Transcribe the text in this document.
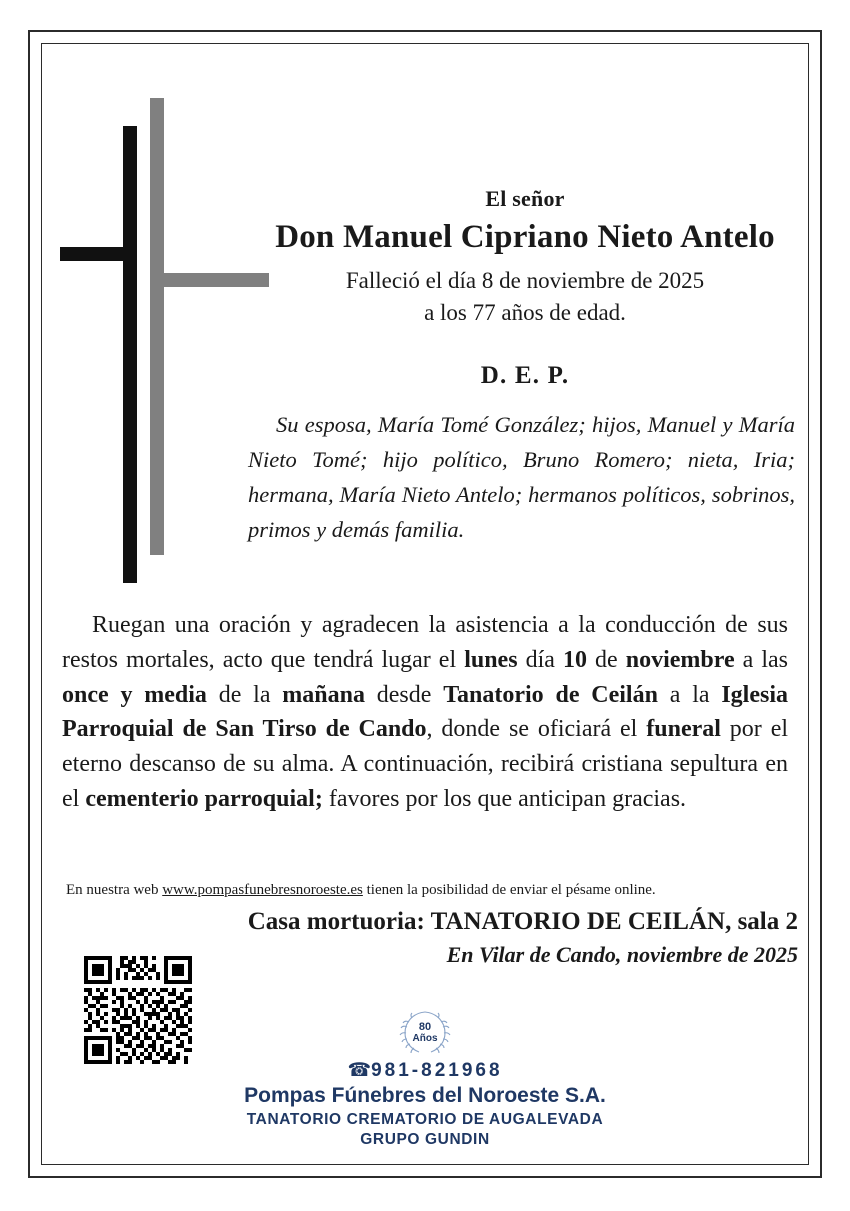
El señor
Don Manuel Cipriano Nieto Antelo
Falleció el día 8 de noviembre de 2025
a los 77 años de edad.
D. E. P.
Su esposa, María Tomé González; hijos, Manuel y María Nieto Tomé; hijo político, Bruno Romero; nieta, Iria; hermana, María Nieto Antelo; hermanos políticos, sobrinos, primos y demás familia.
Ruegan una oración y agradecen la asistencia a la conducción de sus restos mortales, acto que tendrá lugar el lunes día 10 de noviembre a las once y media de la mañana desde Tanatorio de Ceilán a la Iglesia Parroquial de San Tirso de Cando, donde se oficiará el funeral por el eterno descanso de su alma. A continuación, recibirá cristiana sepultura en el cementerio parroquial; favores por los que anticipan gracias.
En nuestra web www.pompasfunebresnoroeste.es tienen la posibilidad de enviar el pésame online.
Casa mortuoria: TANATORIO DE CEILÁN, sala 2
En Vilar de Cando, noviembre de 2025
80
Años
☎981-821968
Pompas Fúnebres del Noroeste S.A.
TANATORIO CREMATORIO DE AUGALEVADA
GRUPO GUNDIN
